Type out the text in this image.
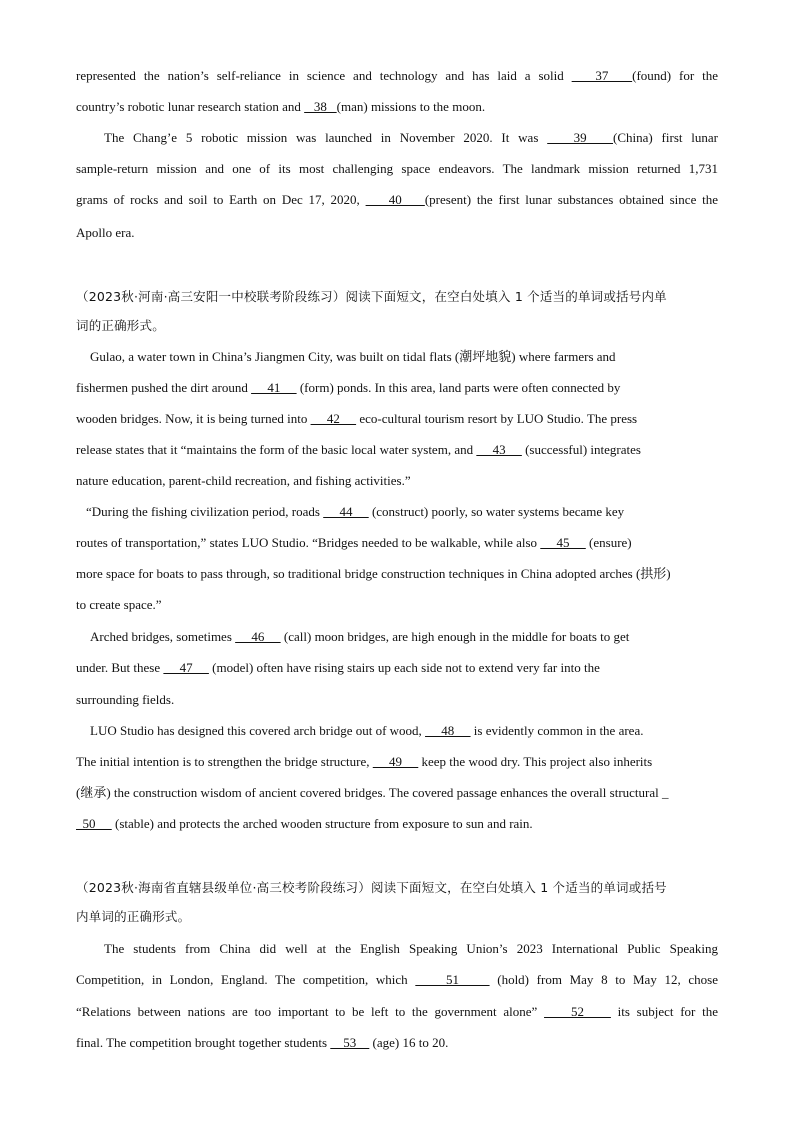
represented the nation’s self-reliance in science and technology and has laid a solid    37   (found) for the
country’s robotic lunar research station and    38   (man) missions to the moon.
The Chang’e 5 robotic mission was launched in November 2020. It was    39   (China) first lunar
sample-return mission and one of its most challenging space endeavors. The landmark mission returned 1,731
grams of rocks and soil to Earth on Dec 17, 2020,     40    (present) the first lunar substances obtained since the
Apollo era.
（2023秋·河南·高三安阳一中校联考阶段练习）阅读下面短文，在空白处填入 1 个适当的单词或括号内单
词的正确形式。
Gulao, a water town in China’s Jiangmen City, was built on tidal flats (潮坪地貌) where farmers and
fishermen pushed the dirt around      41      (form) ponds. In this area, land parts were often connected by
wooden bridges. Now, it is being turned into      42      eco-cultural tourism resort by LUO Studio. The press
release states that it “maintains the form of the basic local water system, and      43      (successful) integrates
nature education, parent-child recreation, and fishing activities.”
“During the fishing civilization period, roads      44      (construct) poorly, so water systems became key
routes of transportation,” states LUO Studio. “Bridges needed to be walkable, while also      45      (ensure)
more space for boats to pass through, so traditional bridge construction techniques in China adopted arches (拱形)
to create space.”
Arched bridges, sometimes      46      (call) moon bridges, are high enough in the middle for boats to get
under. But these      47      (model) often have rising stairs up each side not to extend very far into the
surrounding fields.
LUO Studio has designed this covered arch bridge out of wood,      48      is evidently common in the area.
The initial intention is to strengthen the bridge structure,      49      keep the wood dry. This project also inherits
(继承) the construction wisdom of ancient covered bridges. The covered passage enhances the overall structural _
50      (stable) and protects the arched wooden structure from exposure to sun and rain.
（2023秋·海南省直辖县级单位·高三校考阶段练习）阅读下面短文，在空白处填入 1 个适当的单词或括号
内单词的正确形式。
The students from China did well at the English Speaking Union’s 2023 International Public Speaking
Competition, in London, England. The competition, which     51     (hold) from May 8 to May 12, chose
“Relations between nations are too important to be left to the government alone”     52     its subject for the
final. The competition brought together students     53     (age) 16 to 20.
